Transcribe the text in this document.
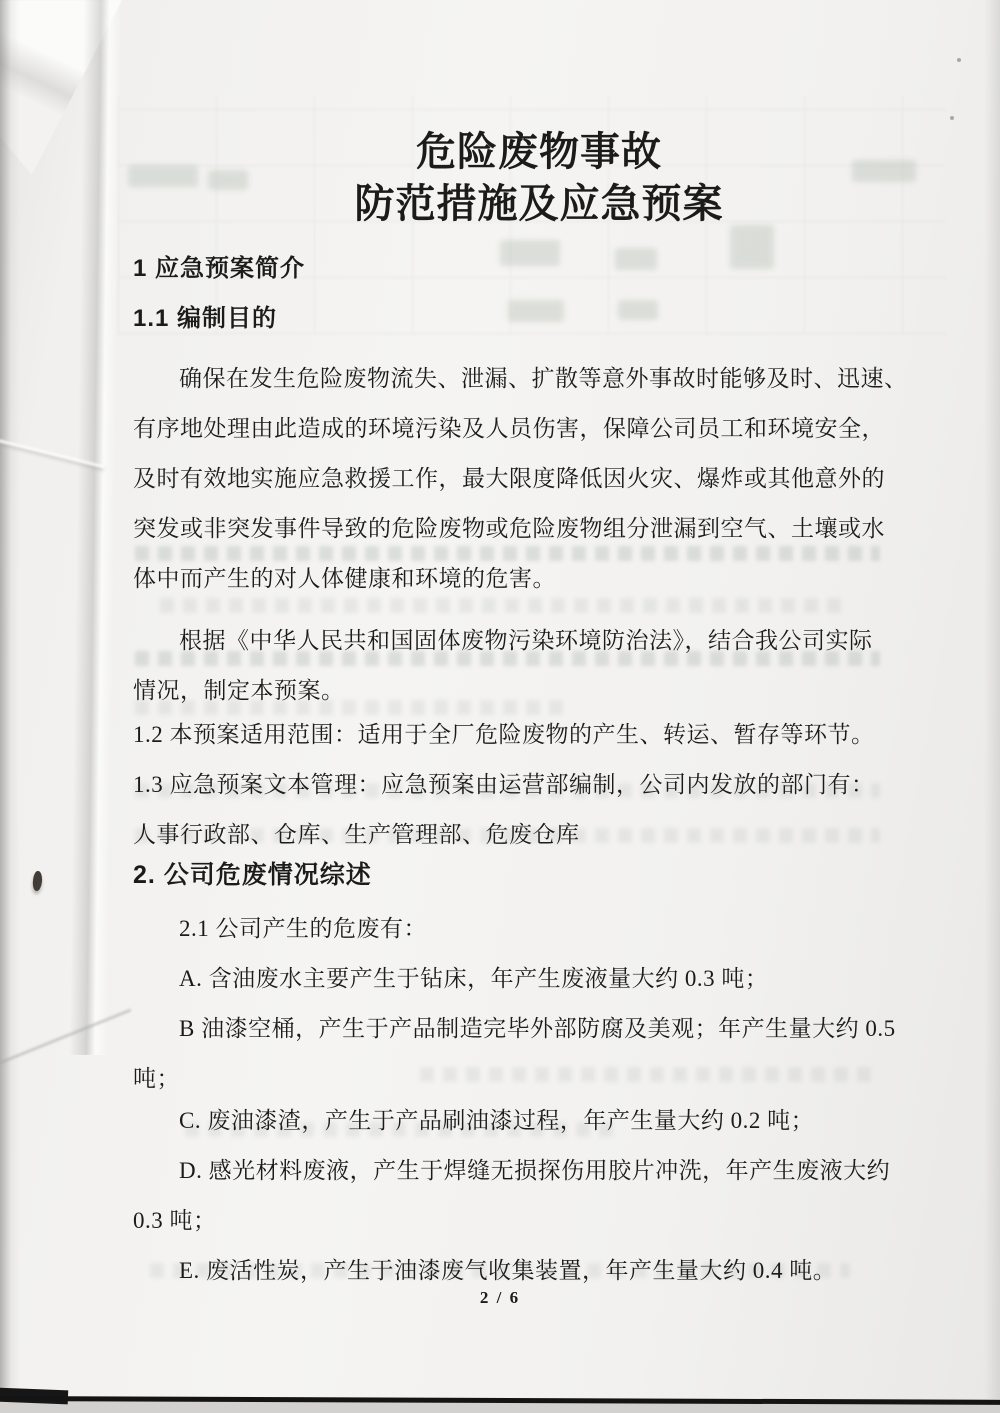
危险废物事故
防范措施及应急预案
1 应急预案简介
1.1 编制目的
确保在发生危险废物流失、泄漏、扩散等意外事故时能够及时、迅速、
有序地处理由此造成的环境污染及人员伤害，保障公司员工和环境安全，
及时有效地实施应急救援工作，最大限度降低因火灾、爆炸或其他意外的
突发或非突发事件导致的危险废物或危险废物组分泄漏到空气、土壤或水
体中而产生的对人体健康和环境的危害。
根据《中华人民共和国固体废物污染环境防治法》，结合我公司实际
情况，制定本预案。
1.2 本预案适用范围：适用于全厂危险废物的产生、转运、暂存等环节。
1.3 应急预案文本管理：应急预案由运营部编制，公司内发放的部门有：
人事行政部、仓库、生产管理部、危废仓库
2. 公司危废情况综述
2.1 公司产生的危废有：
A. 含油废水主要产生于钻床，年产生废液量大约 0.3 吨；
B 油漆空桶，产生于产品制造完毕外部防腐及美观；年产生量大约 0.5
吨；
C. 废油漆渣，产生于产品刷油漆过程，年产生量大约 0.2 吨；
D. 感光材料废液，产生于焊缝无损探伤用胶片冲洗，年产生废液大约
0.3 吨；
E. 废活性炭，产生于油漆废气收集装置，年产生量大约 0.4 吨。
2 / 6
